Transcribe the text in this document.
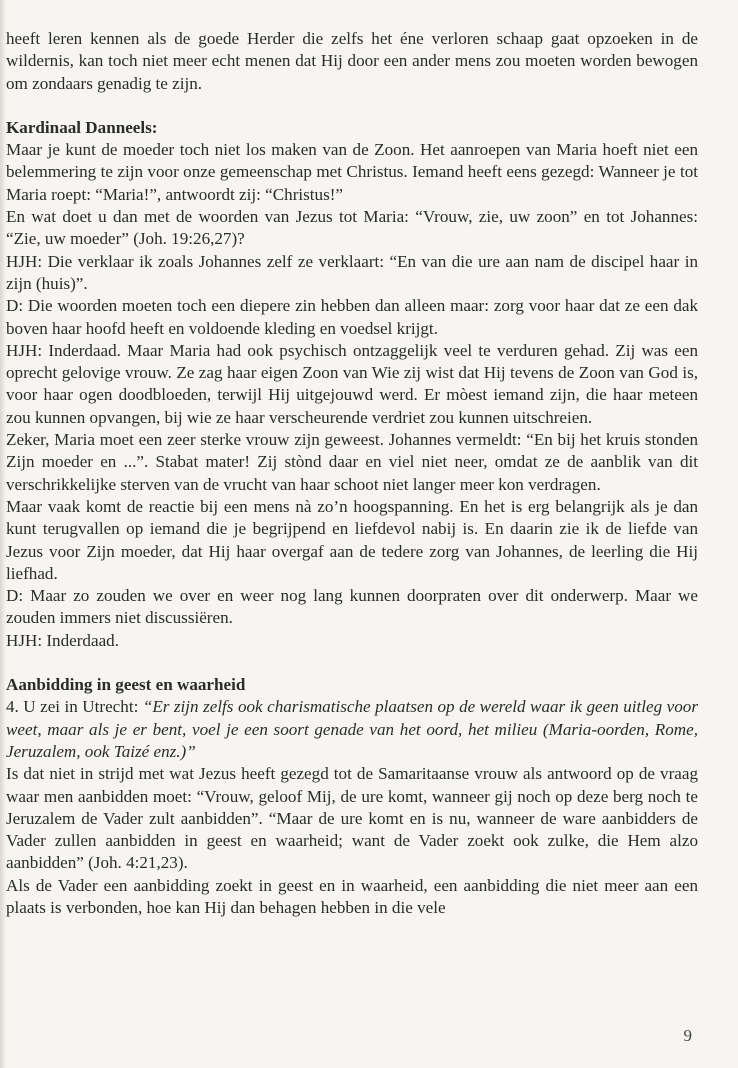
heeft leren kennen als de goede Herder die zelfs het éne verloren schaap gaat opzoeken in de wildernis, kan toch niet meer echt menen dat Hij door een ander mens zou moeten worden bewogen om zondaars genadig te zijn.

Kardinaal Danneels:

Maar je kunt de moeder toch niet los maken van de Zoon. Het aanroepen van Maria hoeft niet een belemmering te zijn voor onze gemeenschap met Christus. Iemand heeft eens gezegd: Wanneer je tot Maria roept: “Maria!”, antwoordt zij: “Christus!”

En wat doet u dan met de woorden van Jezus tot Maria: “Vrouw, zie, uw zoon” en tot Johannes: “Zie, uw moeder” (Joh. 19:26,27)?

HJH: Die verklaar ik zoals Johannes zelf ze verklaart: “En van die ure aan nam de discipel haar in zijn (huis)”.

D: Die woorden moeten toch een diepere zin hebben dan alleen maar: zorg voor haar dat ze een dak boven haar hoofd heeft en voldoende kleding en voedsel krijgt.

HJH: Inderdaad. Maar Maria had ook psychisch ontzaggelijk veel te verduren gehad. Zij was een oprecht gelovige vrouw. Ze zag haar eigen Zoon van Wie zij wist dat Hij tevens de Zoon van God is, voor haar ogen doodbloeden, terwijl Hij uitgejouwd werd. Er mòest iemand zijn, die haar meteen zou kunnen opvangen, bij wie ze haar verscheurende verdriet zou kunnen uitschreien.

Zeker, Maria moet een zeer sterke vrouw zijn geweest. Johannes vermeldt: “En bij het kruis stonden Zijn moeder en ...”. Stabat mater! Zij stònd daar en viel niet neer, omdat ze de aanblik van dit verschrikkelijke sterven van de vrucht van haar schoot niet langer meer kon verdragen.

Maar vaak komt de reactie bij een mens nà zo’n hoogspanning. En het is erg belangrijk als je dan kunt terugvallen op iemand die je begrijpend en liefdevol nabij is. En daarin zie ik de liefde van Jezus voor Zijn moeder, dat Hij haar overgaf aan de tedere zorg van Johannes, de leerling die Hij liefhad.

D: Maar zo zouden we over en weer nog lang kunnen doorpraten over dit onderwerp. Maar we zouden immers niet discussiëren.

HJH: Inderdaad.

Aanbidding in geest en waarheid

4. U zei in Utrecht: “Er zijn zelfs ook charismatische plaatsen op de wereld waar ik geen uitleg voor weet, maar als je er bent, voel je een soort genade van het oord, het milieu (Maria-oorden, Rome, Jeruzalem, ook Taizé enz.)”

Is dat niet in strijd met wat Jezus heeft gezegd tot de Samaritaanse vrouw als antwoord op de vraag waar men aanbidden moet: “Vrouw, geloof Mij, de ure komt, wanneer gij noch op deze berg noch te Jeruzalem de Vader zult aanbidden”. “Maar de ure komt en is nu, wanneer de ware aanbidders de Vader zullen aanbidden in geest en waarheid; want de Vader zoekt ook zulke, die Hem alzo aanbidden” (Joh. 4:21,23).

Als de Vader een aanbidding zoekt in geest en in waarheid, een aanbidding die niet meer aan een plaats is verbonden, hoe kan Hij dan behagen hebben in die vele

9
